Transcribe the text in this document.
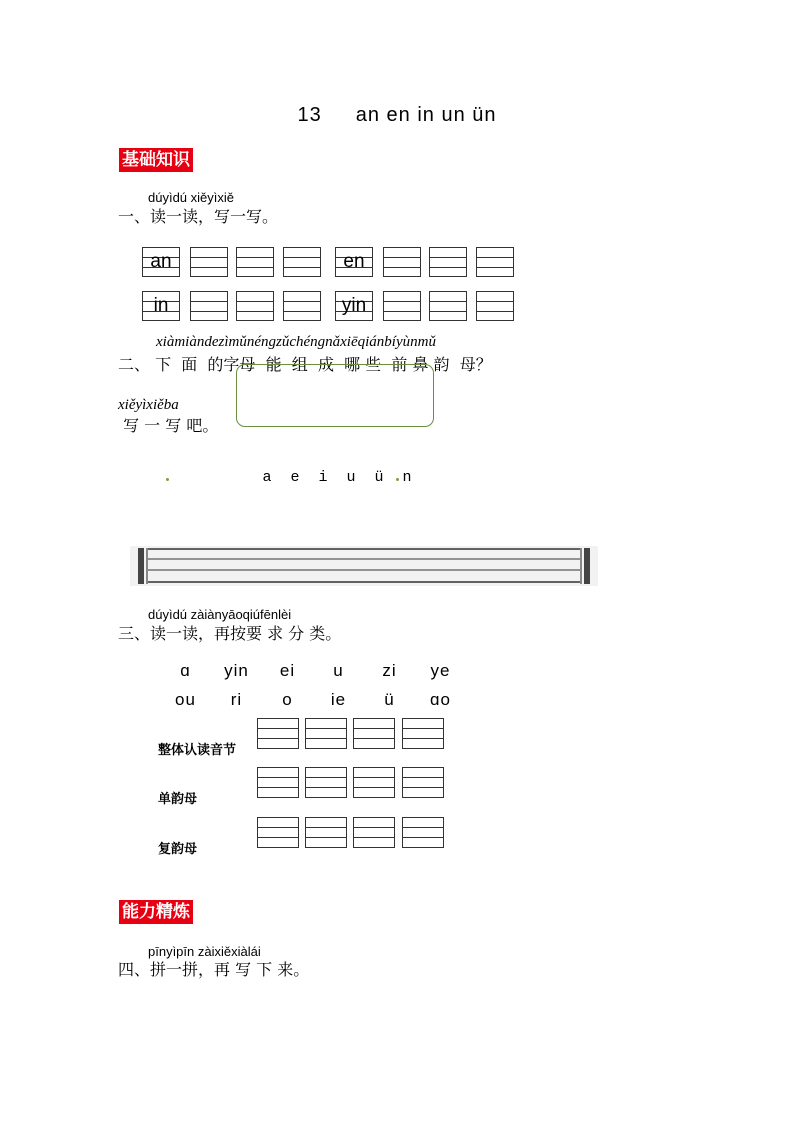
13 an en in un ün
基础知识
dúyìdú xiěyìxiě
一、读一读，写一写。
an	en
in	yin
xiàmiàndezìmǔnéngzǔchéngnǎxiēqiánbíyùnmǔ
二、 下  面  的字母  能  组  成  哪 些  前 鼻 韵  母？
xiěyìxiěba
写 一 写 吧。
a e i u ü n
dúyìdú zàiànyāoqiúfēnlèi
三、读一读，再按要 求 分 类。
ɑ yin ei u zi ye
ou ri o ie ü ɑo
整体认读音节
单韵母
复韵母
能力精炼
pīnyìpīn zàixiěxiàlái
四、拼一拼，再 写 下 来。
